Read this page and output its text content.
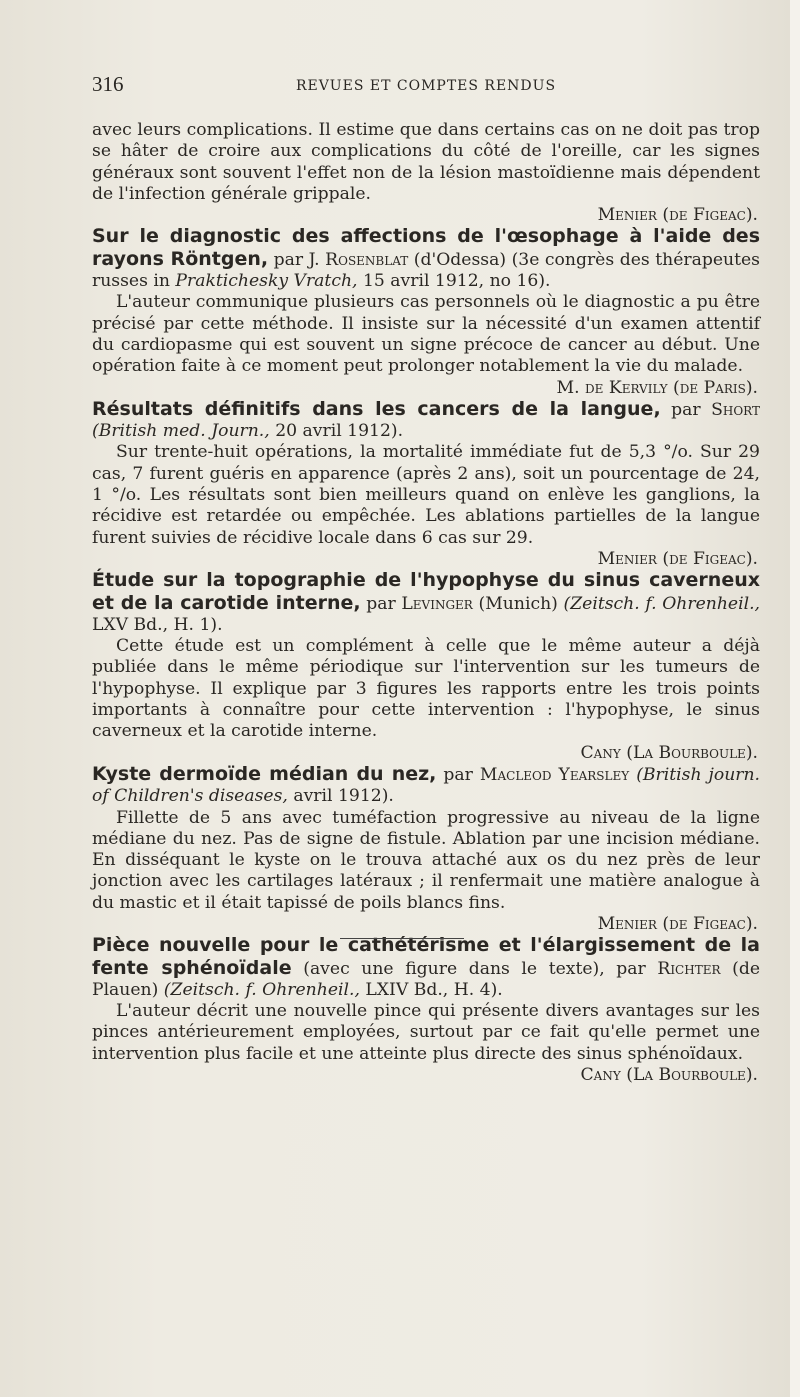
316	REVUES ET COMPTES RENDUS

avec leurs complications. Il estime que dans certains cas on ne doit pas trop se hâter de croire aux complications du côté de l'oreille, car les signes généraux sont souvent l'effet non de la lésion mastoïdienne mais dépendent de l'infection générale grippale.

Menier (de Figeac).

Sur le diagnostic des affections de l'œsophage à l'aide des rayons Röntgen, par J. Rosenblat (d'Odessa) (3e congrès des thérapeutes russes in Praktichesky Vratch, 15 avril 1912, no 16).

L'auteur communique plusieurs cas personnels où le diagnostic a pu être précisé par cette méthode. Il insiste sur la nécessité d'un examen attentif du cardiopasme qui est souvent un signe précoce de cancer au début. Une opération faite à ce moment peut prolonger notablement la vie du malade.

M. de Kervily (de Paris).

Résultats définitifs dans les cancers de la langue, par Short (British med. Journ., 20 avril 1912).

Sur trente-huit opérations, la mortalité immédiate fut de 5,3 °/o. Sur 29 cas, 7 furent guéris en apparence (après 2 ans), soit un pourcentage de 24, 1 °/o. Les résultats sont bien meilleurs quand on enlève les ganglions, la récidive est retardée ou empêchée. Les ablations partielles de la langue furent suivies de récidive locale dans 6 cas sur 29.

Menier (de Figeac).

Étude sur la topographie de l'hypophyse du sinus caverneux et de la carotide interne, par Levinger (Munich) (Zeitsch. f. Ohrenheil., LXV Bd., H. 1).

Cette étude est un complément à celle que le même auteur a déjà publiée dans le même périodique sur l'intervention sur les tumeurs de l'hypophyse. Il explique par 3 figures les rapports entre les trois points importants à connaître pour cette intervention : l'hypophyse, le sinus caverneux et la carotide interne.

Cany (La Bourboule).

Kyste dermoïde médian du nez, par Macleod Yearsley (British journ. of Children's diseases, avril 1912).

Fillette de 5 ans avec tuméfaction progressive au niveau de la ligne médiane du nez. Pas de signe de fistule. Ablation par une incision médiane. En disséquant le kyste on le trouva attaché aux os du nez près de leur jonction avec les cartilages latéraux ; il renfermait une matière analogue à du mastic et il était tapissé de poils blancs fins.

Menier (de Figeac).

Pièce nouvelle pour le cathétérisme et l'élargissement de la fente sphénoïdale (avec une figure dans le texte), par Richter (de Plauen) (Zeitsch. f. Ohrenheil., LXIV Bd., H. 4).

L'auteur décrit une nouvelle pince qui présente divers avantages sur les pinces antérieurement employées, surtout par ce fait qu'elle permet une intervention plus facile et une atteinte plus directe des sinus sphénoïdaux.

Cany (La Bourboule).
